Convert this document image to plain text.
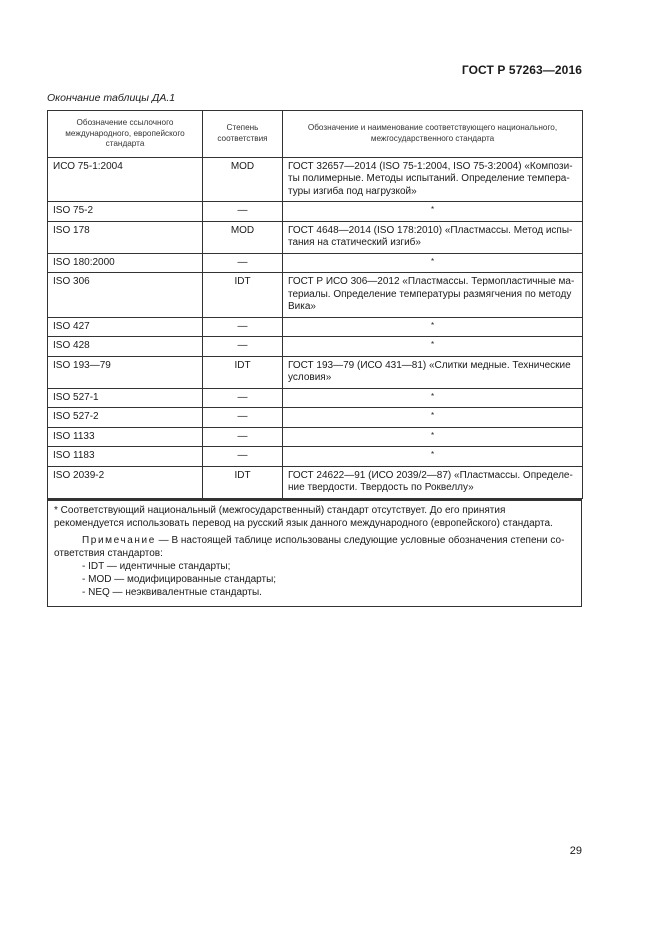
ГОСТ Р 57263—2016
Окончание таблицы ДА.1
Обозначение ссылочного международного, европейского стандарта	Степень соответствия	Обозначение и наименование соответствующего национального, межгосударственного стандарта
ИСО 75-1:2004	MOD	ГОСТ 32657—2014 (ISO 75-1:2004, ISO 75-3:2004) «Композиты полимерные. Методы испытаний. Определение температуры изгиба под нагрузкой»
ISO 75-2	—	*
ISO 178	MOD	ГОСТ 4648—2014 (ISO 178:2010) «Пластмассы. Метод испытания на статический изгиб»
ISO 180:2000	—	*
ISO 306	IDT	ГОСТ Р ИСО 306—2012 «Пластмассы. Термопластичные материалы. Определение температуры размягчения по методу Вика»
ISO 427	—	*
ISO 428	—	*
ISO 193—79	IDT	ГОСТ 193—79 (ИСО 431—81) «Слитки медные. Технические условия»
ISO 527-1	—	*
ISO 527-2	—	*
ISO 1133	—	*
ISO 1183	—	*
ISO 2039-2	IDT	ГОСТ 24622—91 (ИСО 2039/2—87) «Пластмассы. Определение твердости. Твердость по Роквеллу»

* Соответствующий национальный (межгосударственный) стандарт отсутствует. До его принятия рекомендуется использовать перевод на русский язык данного международного (европейского) стандарта.

Примечание — В настоящей таблице использованы следующие условные обозначения степени соответствия стандартов:

- IDT — идентичные стандарты;
- MOD — модифицированные стандарты;
- NEQ — неэквивалентные стандарты.
29
